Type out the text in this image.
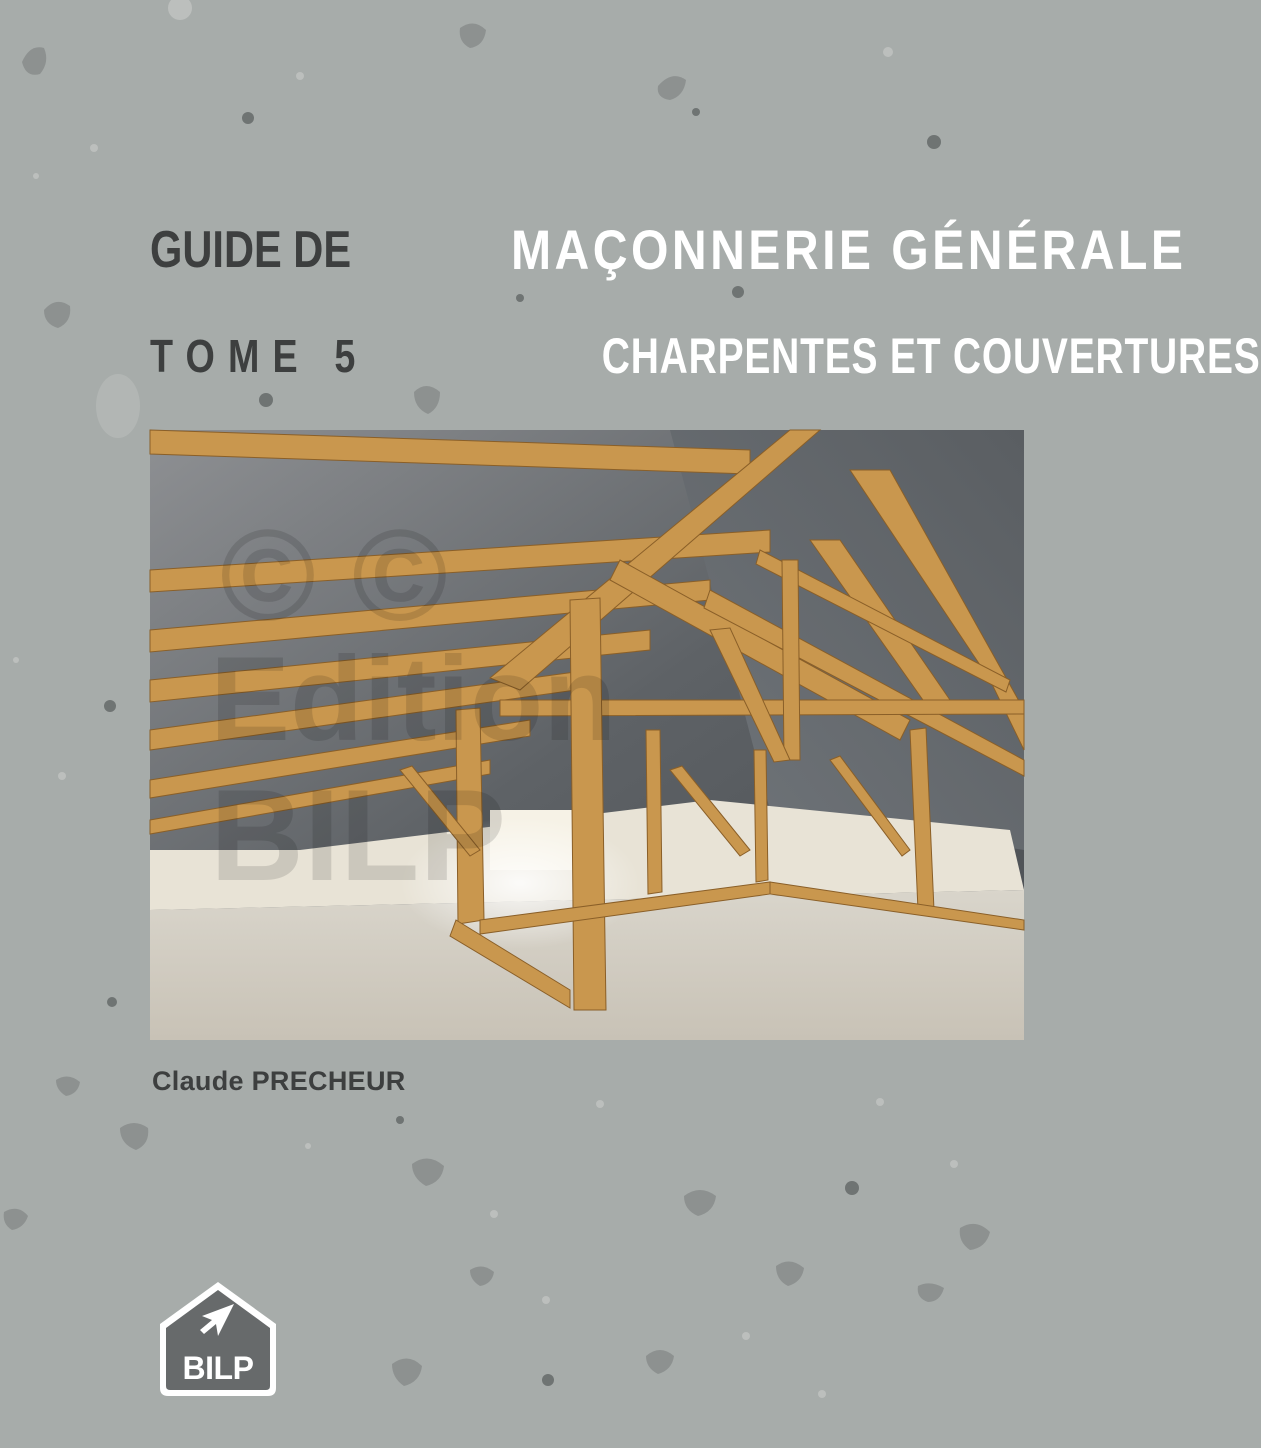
GUIDE DE	MAÇONNERIE GÉNÉRALE
TOME 5	CHARPENTES ET COUVERTURES
© ©
Edition
BILP
Claude PRECHEUR
BILP
